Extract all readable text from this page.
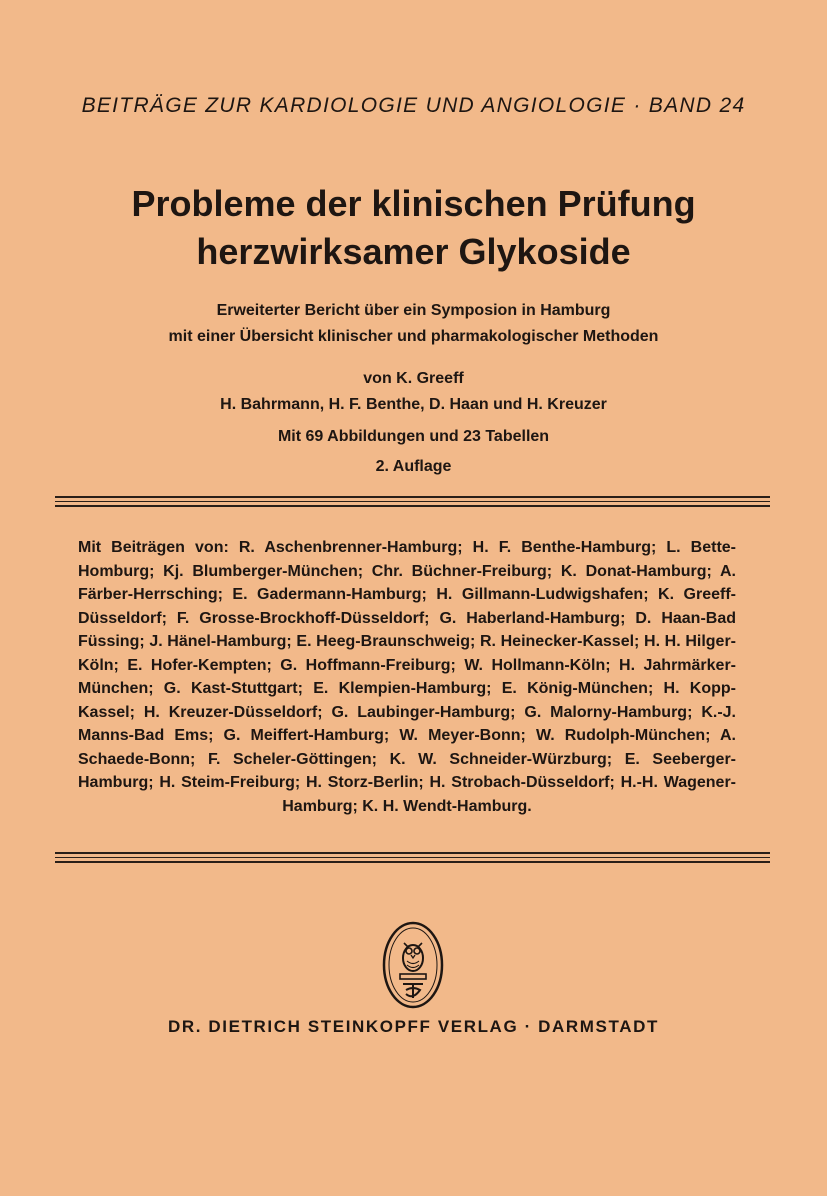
BEITRÄGE ZUR KARDIOLOGIE UND ANGIOLOGIE · BAND 24
Probleme der klinischen Prüfung
herzwirksamer Glykoside
Erweiterter Bericht über ein Symposion in Hamburg
mit einer Übersicht klinischer und pharmakologischer Methoden
von K. Greeff
H. Bahrmann, H. F. Benthe, D. Haan und H. Kreuzer
Mit 69 Abbildungen und 23 Tabellen
2. Auflage
Mit Beiträgen von: R. Aschenbrenner-Hamburg; H. F. Benthe-Hamburg; L. Bette-Homburg; Kj. Blumberger-München; Chr. Büchner-Freiburg; K. Donat-Hamburg; A. Färber-Herrsching; E. Gadermann-Hamburg; H. Gillmann-Ludwigshafen; K. Greeff-Düsseldorf; F. Grosse-Brockhoff-Düsseldorf; G. Haberland-Hamburg; D. Haan-Bad Füssing; J. Hänel-Hamburg; E. Heeg-Braunschweig; R. Heinecker-Kassel; H. H. Hilger-Köln; E. Hofer-Kempten; G. Hoffmann-Freiburg; W. Hollmann-Köln; H. Jahrmärker-München; G. Kast-Stuttgart; E. Klempien-Hamburg; E. König-München; H. Kopp-Kassel; H. Kreuzer-Düsseldorf; G. Laubinger-Hamburg; G. Malorny-Hamburg; K.-J. Manns-Bad Ems; G. Meiffert-Hamburg; W. Meyer-Bonn; W. Rudolph-München; A. Schaede-Bonn; F. Scheler-Göttingen; K. W. Schneider-Würzburg; E. Seeberger-Hamburg; H. Steim-Freiburg; H. Storz-Berlin; H. Strobach-Düsseldorf; H.-H. Wagener-Hamburg; K. H. Wendt-Hamburg.
DR. DIETRICH STEINKOPFF VERLAG · DARMSTADT
